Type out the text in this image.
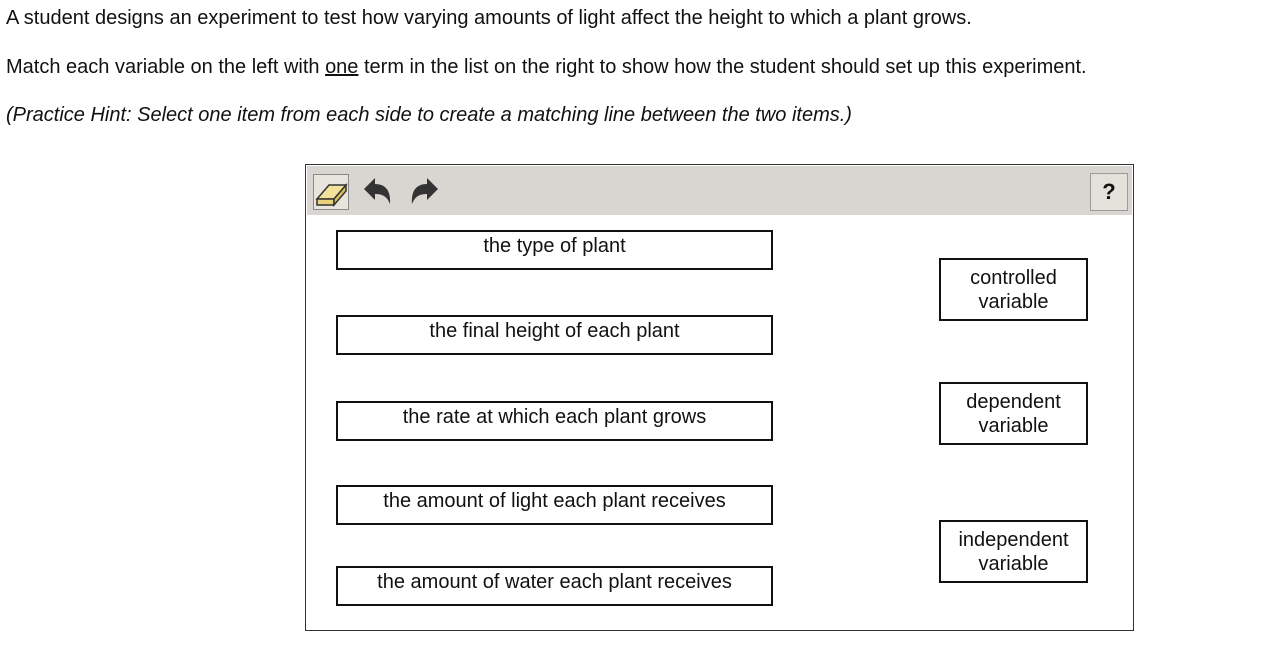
A student designs an experiment to test how varying amounts of light affect the height to which a plant grows.
Match each variable on the left with one term in the list on the right to show how the student should set up this experiment.
(Practice Hint: Select one item from each side to create a matching line between the two items.)
?
the type of plant
the final height of each plant
the rate at which each plant grows
the amount of light each plant receives
the amount of water each plant receives
controlled
variable
dependent
variable
independent
variable
